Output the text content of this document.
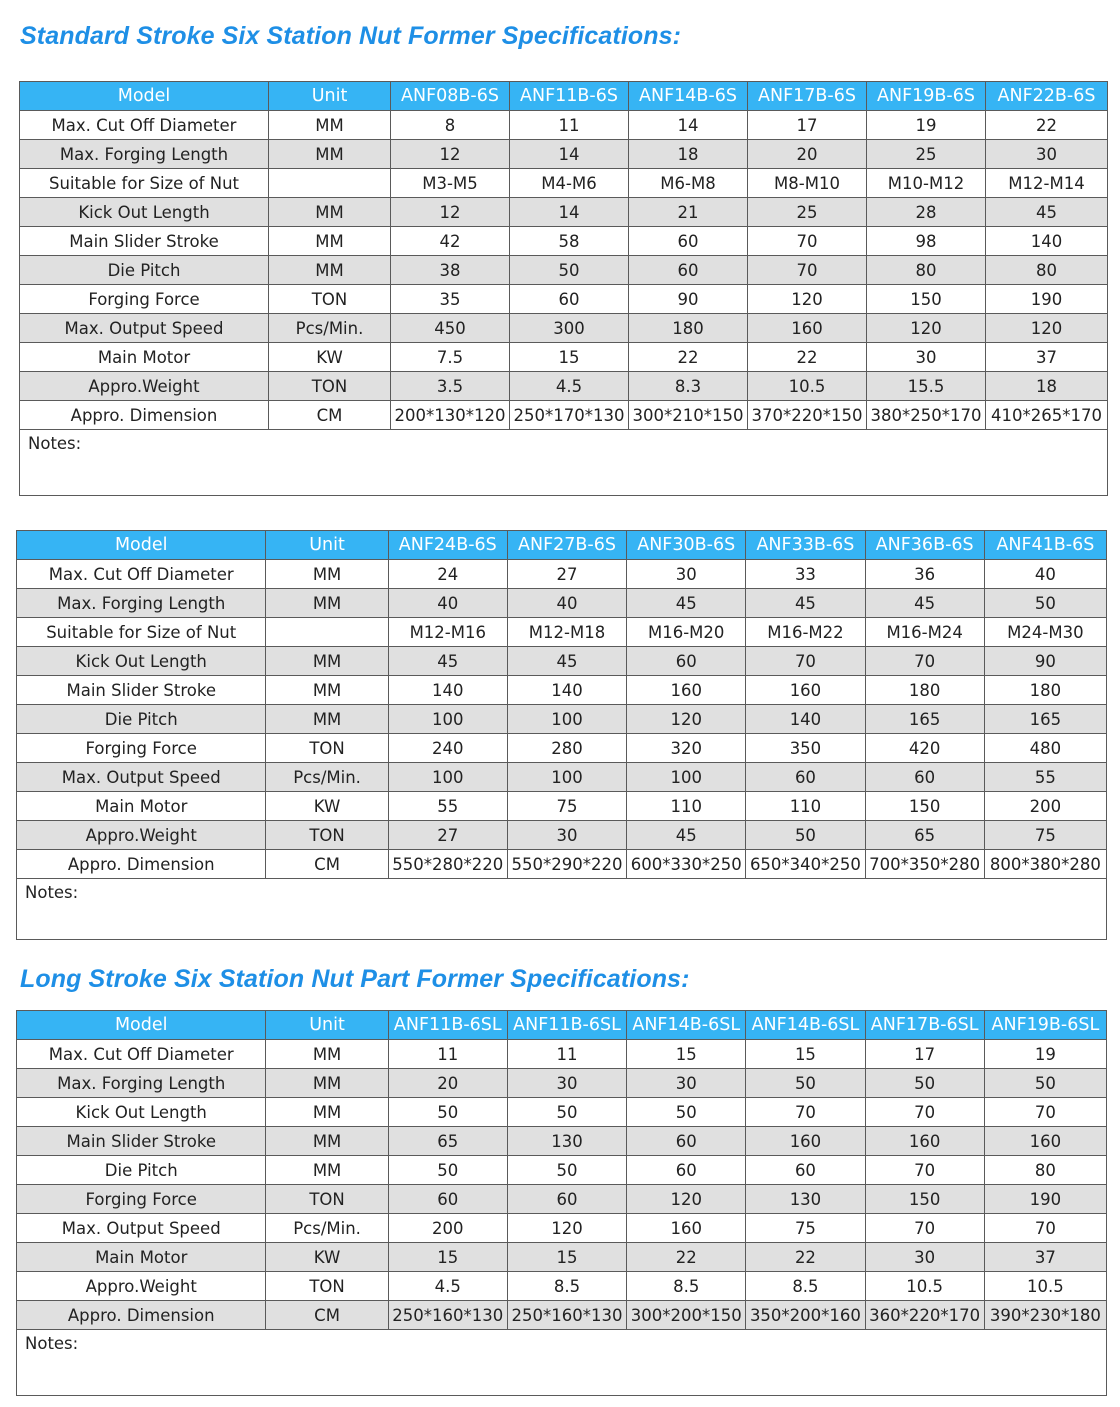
Standard Stroke Six Station Nut Former Specifications:
Model	Unit	ANF08B-6S	ANF11B-6S	ANF14B-6S	ANF17B-6S	ANF19B-6S	ANF22B-6S
Max. Cut Off Diameter	MM	8	11	14	17	19	22
Max. Forging Length	MM	12	14	18	20	25	30
Suitable for Size of Nut		M3-M5	M4-M6	M6-M8	M8-M10	M10-M12	M12-M14
Kick Out Length	MM	12	14	21	25	28	45
Main Slider Stroke	MM	42	58	60	70	98	140
Die Pitch	MM	38	50	60	70	80	80
Forging Force	TON	35	60	90	120	150	190
Max. Output Speed	Pcs/Min.	450	300	180	160	120	120
Main Motor	KW	7.5	15	22	22	30	37
Appro.Weight	TON	3.5	4.5	8.3	10.5	15.5	18
Appro. Dimension	CM	200*130*120	250*170*130	300*210*150	370*220*150	380*250*170	410*265*170
Notes:							
Model	Unit	ANF24B-6S	ANF27B-6S	ANF30B-6S	ANF33B-6S	ANF36B-6S	ANF41B-6S
Max. Cut Off Diameter	MM	24	27	30	33	36	40
Max. Forging Length	MM	40	40	45	45	45	50
Suitable for Size of Nut		M12-M16	M12-M18	M16-M20	M16-M22	M16-M24	M24-M30
Kick Out Length	MM	45	45	60	70	70	90
Main Slider Stroke	MM	140	140	160	160	180	180
Die Pitch	MM	100	100	120	140	165	165
Forging Force	TON	240	280	320	350	420	480
Max. Output Speed	Pcs/Min.	100	100	100	60	60	55
Main Motor	KW	55	75	110	110	150	200
Appro.Weight	TON	27	30	45	50	65	75
Appro. Dimension	CM	550*280*220	550*290*220	600*330*250	650*340*250	700*350*280	800*380*280
Notes:							
Long Stroke Six Station Nut Part Former Specifications:
Model	Unit	ANF11B-6SL	ANF11B-6SL	ANF14B-6SL	ANF14B-6SL	ANF17B-6SL	ANF19B-6SL
Max. Cut Off Diameter	MM	11	11	15	15	17	19
Max. Forging Length	MM	20	30	30	50	50	50
Kick Out Length	MM	50	50	50	70	70	70
Main Slider Stroke	MM	65	130	60	160	160	160
Die Pitch	MM	50	50	60	60	70	80
Forging Force	TON	60	60	120	130	150	190
Max. Output Speed	Pcs/Min.	200	120	160	75	70	70
Main Motor	KW	15	15	22	22	30	37
Appro.Weight	TON	4.5	8.5	8.5	8.5	10.5	10.5
Appro. Dimension	CM	250*160*130	250*160*130	300*200*150	350*200*160	360*220*170	390*230*180
Notes:							
